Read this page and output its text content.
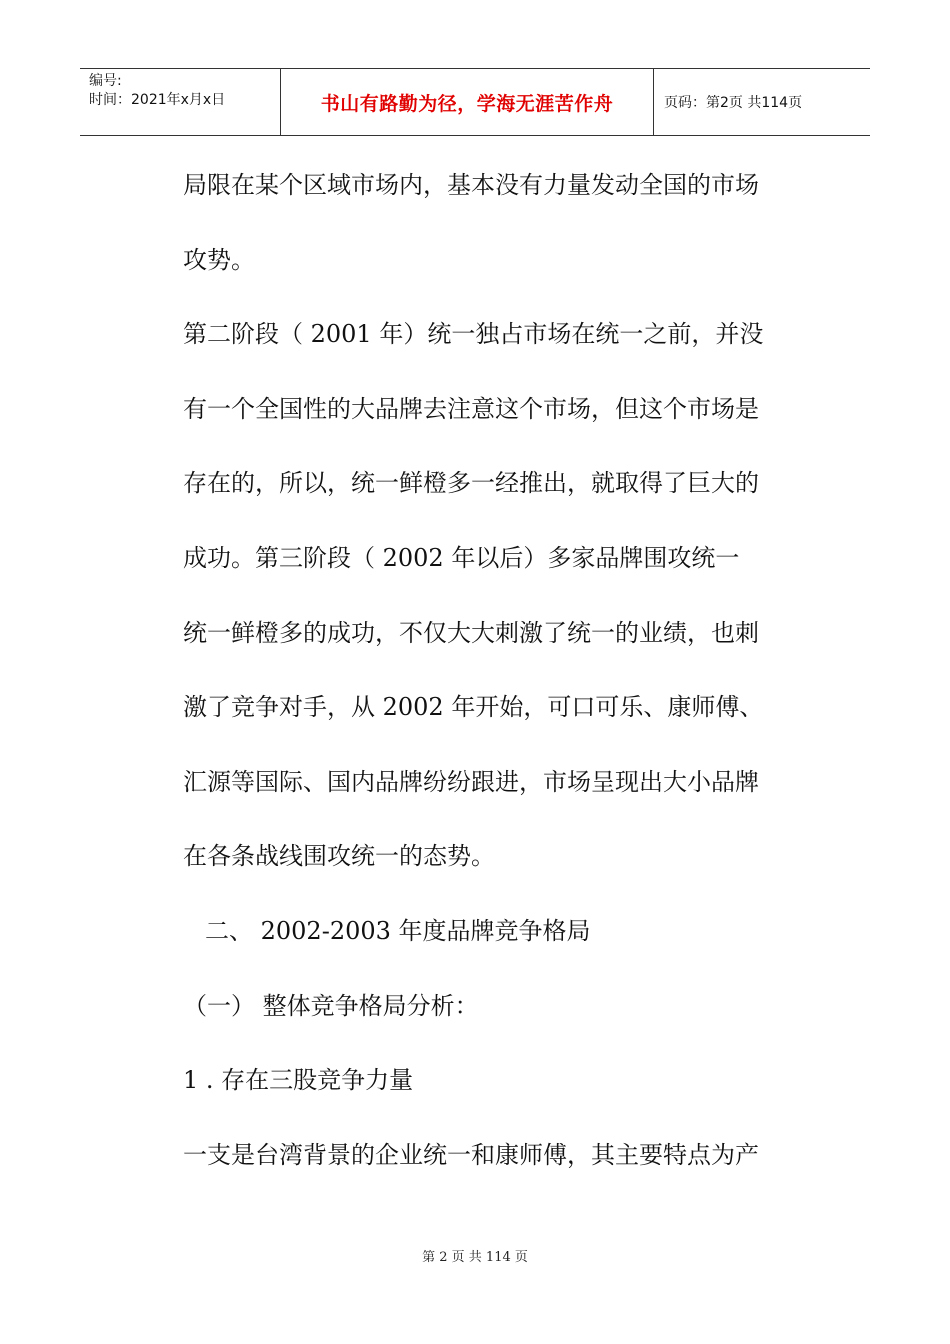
编号:
时间：2021年x月x日	书山有路勤为径，学海无涯苦作舟	页码：第2页 共114页
局限在某个区域市场内，基本没有力量发动全国的市场
攻势。
第二阶段（ 2001 年）统一独占市场在统一之前，并没
有一个全国性的大品牌去注意这个市场，但这个市场是
存在的，所以，统一鲜橙多一经推出，就取得了巨大的
成功。第三阶段（ 2002 年以后）多家品牌围攻统一
统一鲜橙多的成功，不仅大大刺激了统一的业绩，也刺
激了竞争对手，从 2002 年开始，可口可乐、康师傅、
汇源等国际、国内品牌纷纷跟进，市场呈现出大小品牌
在各条战线围攻统一的态势。
二、 2002-2003 年度品牌竞争格局
（一） 整体竞争格局分析：
1 . 存在三股竞争力量
一支是台湾背景的企业统一和康师傅，其主要特点为产
第 2 页 共 114 页
